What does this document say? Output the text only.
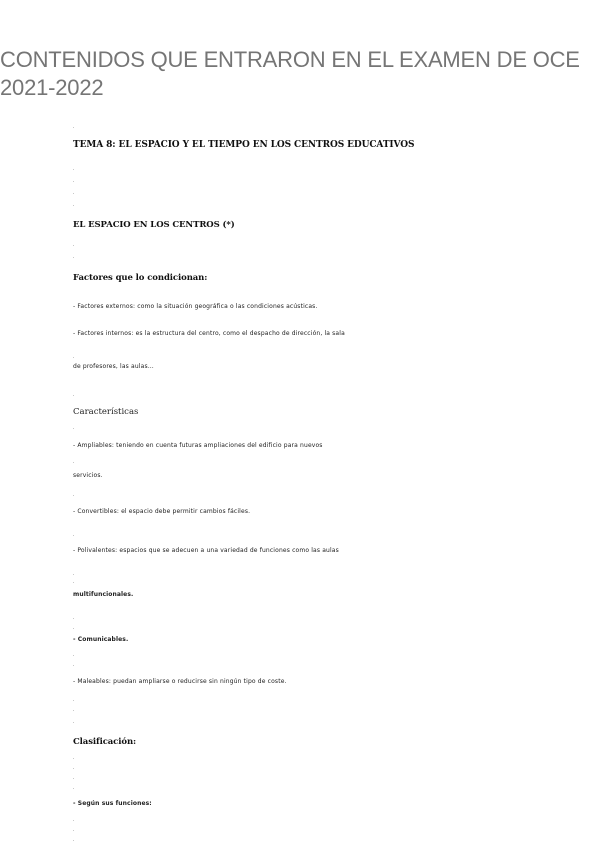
CONTENIDOS QUE ENTRARON EN EL EXAMEN DE OCE
2021-2022
TEMA 8: EL ESPACIO Y EL TIEMPO EN LOS CENTROS EDUCATIVOS
EL ESPACIO EN LOS CENTROS (*)
Factores que lo condicionan:
- Factores externos: como la situación geográfica o las condiciones acústicas.
- Factores internos: es la estructura del centro, como el despacho de dirección, la sala
de profesores, las aulas…
Características
- Ampliables: teniendo en cuenta futuras ampliaciones del edificio para nuevos
servicios.
- Convertibles: el espacio debe permitir cambios fáciles.
- Polivalentes: espacios que se adecuen a una variedad de funciones como las aulas
multifuncionales.
- Comunicables.
- Maleables: puedan ampliarse o reducirse sin ningún tipo de coste.
Clasificación:
- Según sus funciones:
